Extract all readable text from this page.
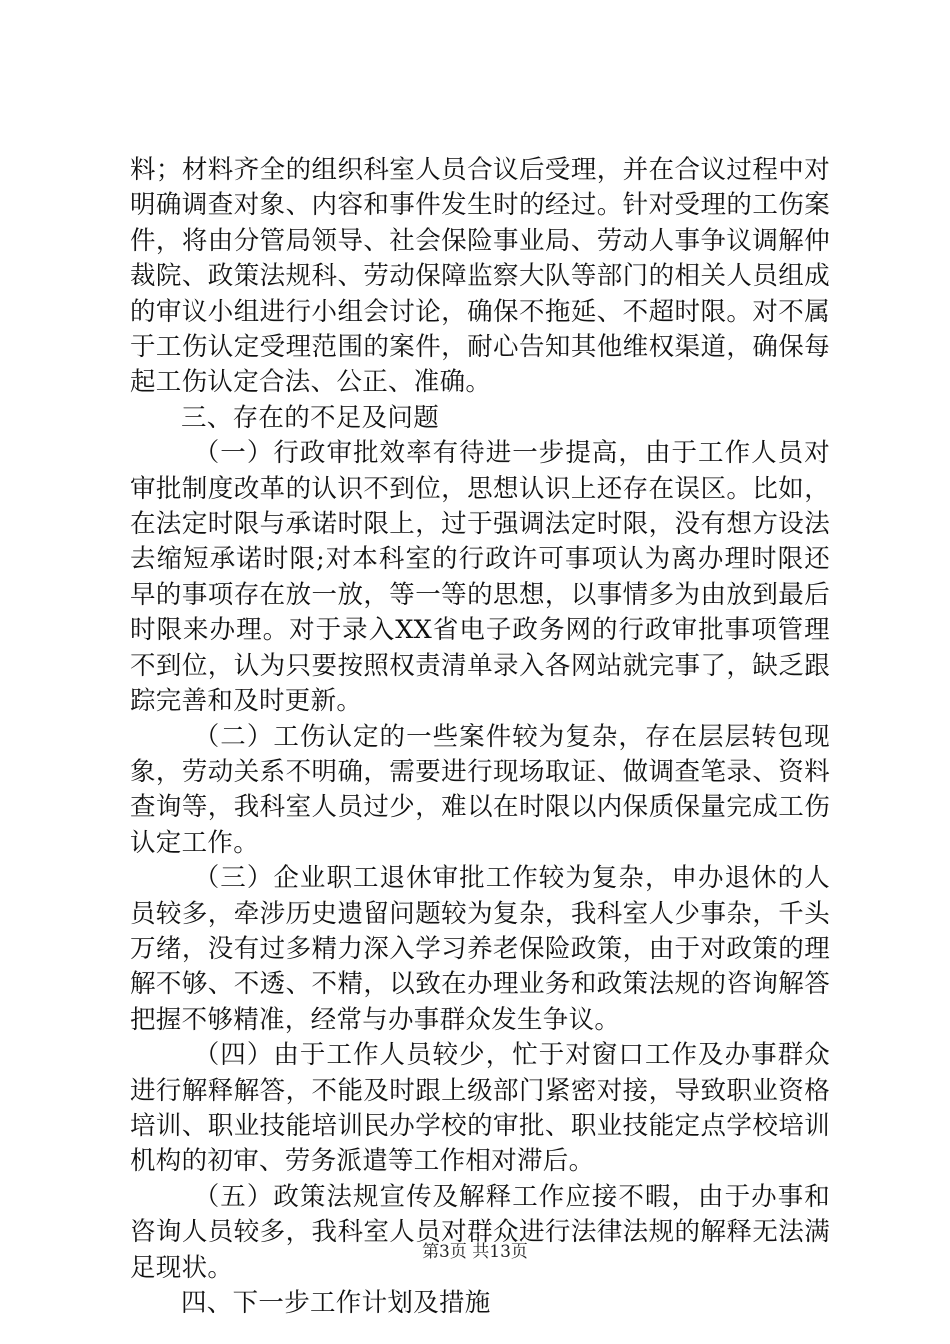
料；材料齐全的组织科室人员合议后受理，并在合议过程中对明确调查对象、内容和事件发生时的经过。针对受理的工伤案件，将由分管局领导、社会保险事业局、劳动人事争议调解仲裁院、政策法规科、劳动保障监察大队等部门的相关人员组成的审议小组进行小组会讨论，确保不拖延、不超时限。对不属于工伤认定受理范围的案件，耐心告知其他维权渠道，确保每起工伤认定合法、公正、准确。

三、存在的不足及问题

（一）行政审批效率有待进一步提高，由于工作人员对审批制度改革的认识不到位，思想认识上还存在误区。比如，在法定时限与承诺时限上，过于强调法定时限，没有想方设法去缩短承诺时限;对本科室的行政许可事项认为离办理时限还早的事项存在放一放，等一等的思想，以事情多为由放到最后时限来办理。对于录入XX省电子政务网的行政审批事项管理不到位，认为只要按照权责清单录入各网站就完事了，缺乏跟踪完善和及时更新。

（二）工伤认定的一些案件较为复杂，存在层层转包现象，劳动关系不明确，需要进行现场取证、做调查笔录、资料查询等，我科室人员过少，难以在时限以内保质保量完成工伤认定工作。

（三）企业职工退休审批工作较为复杂，申办退休的人员较多，牵涉历史遗留问题较为复杂，我科室人少事杂，千头万绪，没有过多精力深入学习养老保险政策，由于对政策的理解不够、不透、不精，以致在办理业务和政策法规的咨询解答把握不够精准，经常与办事群众发生争议。

（四）由于工作人员较少，忙于对窗口工作及办事群众进行解释解答，不能及时跟上级部门紧密对接，导致职业资格培训、职业技能培训民办学校的审批、职业技能定点学校培训机构的初审、劳务派遣等工作相对滞后。

（五）政策法规宣传及解释工作应接不暇，由于办事和咨询人员较多，我科室人员对群众进行法律法规的解释无法满足现状。

四、下一步工作计划及措施

第3页 共13页
